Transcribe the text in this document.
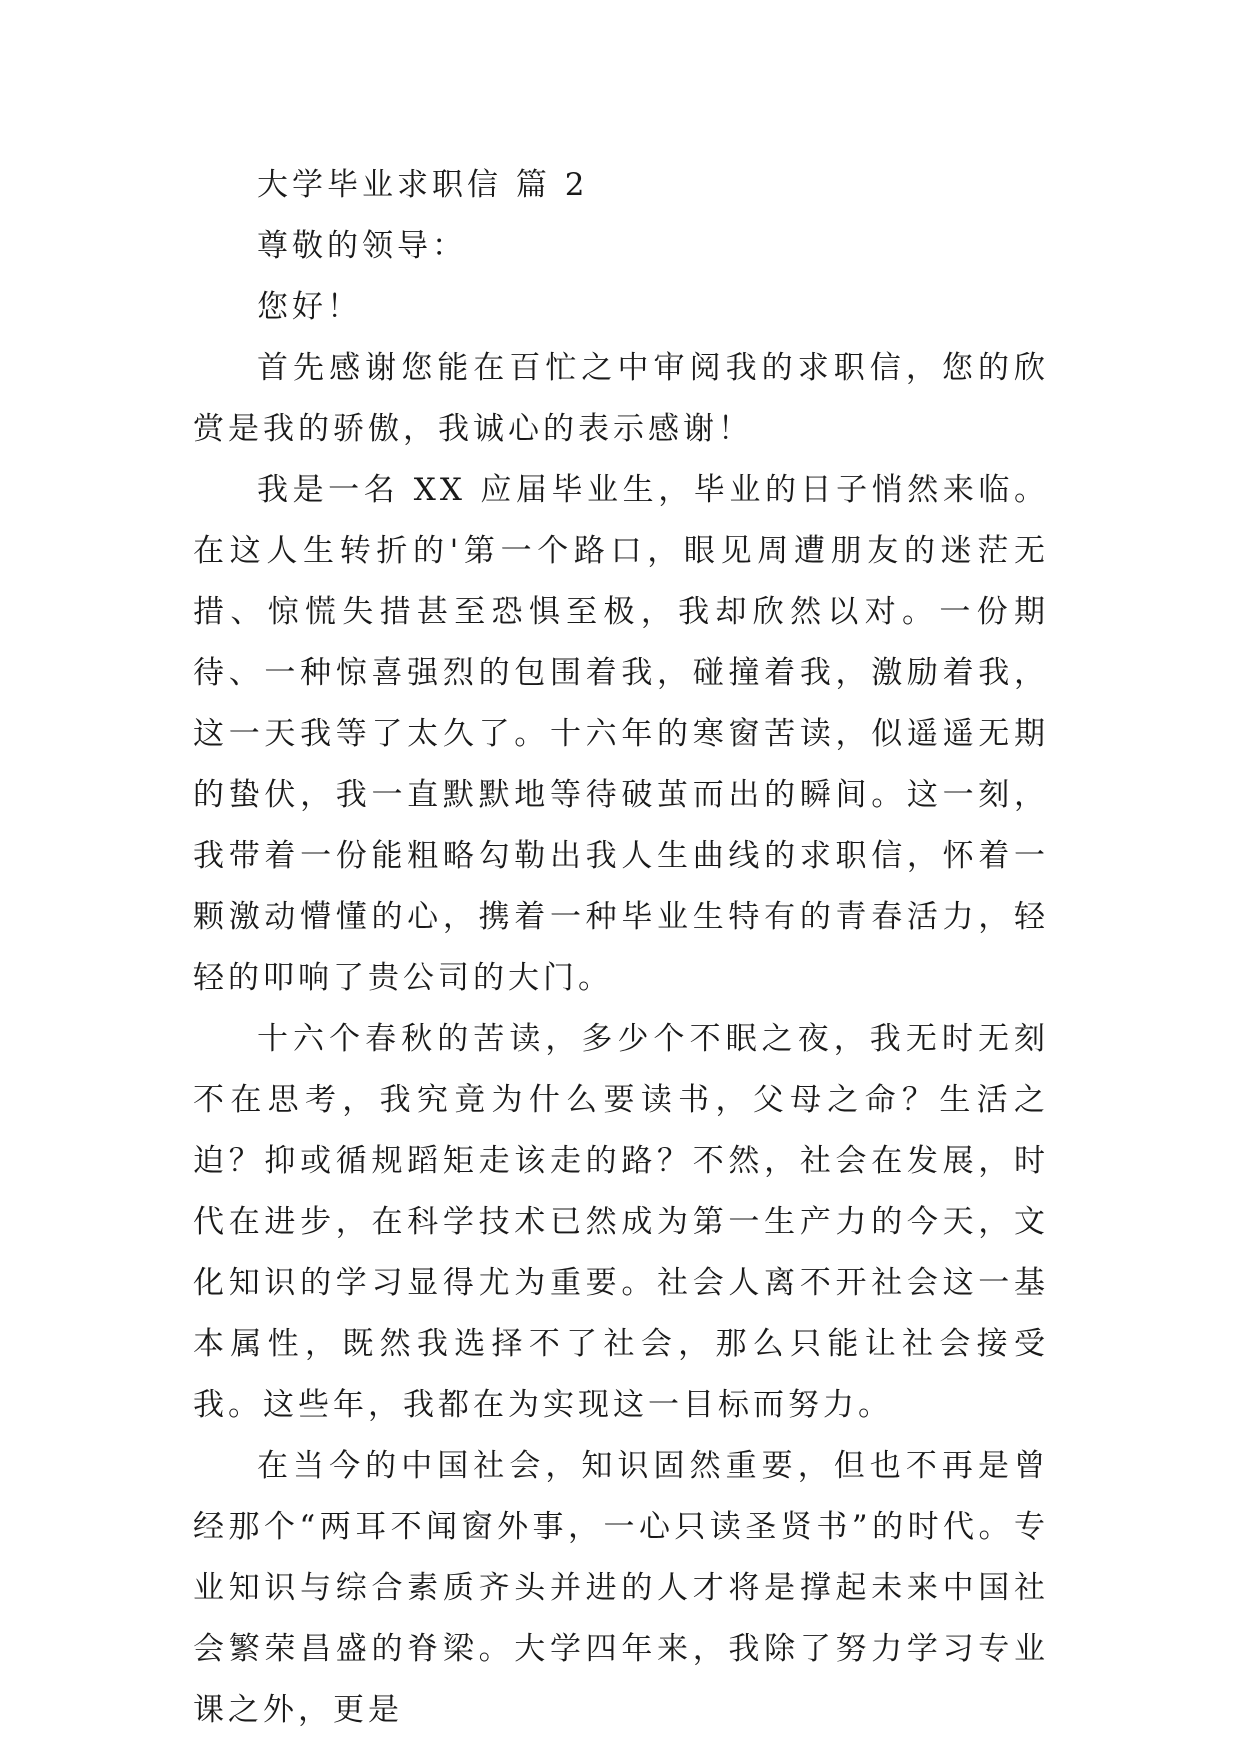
大学毕业求职信 篇 2

尊敬的领导：

您好！

首先感谢您能在百忙之中审阅我的求职信，您的欣赏是我的骄傲，我诚心的表示感谢！

我是一名 XX 应届毕业生，毕业的日子悄然来临。在这人生转折的'第一个路口，眼见周遭朋友的迷茫无措、惊慌失措甚至恐惧至极，我却欣然以对。一份期待、一种惊喜强烈的包围着我，碰撞着我，激励着我，这一天我等了太久了。十六年的寒窗苦读，似遥遥无期的蛰伏，我一直默默地等待破茧而出的瞬间。这一刻，我带着一份能粗略勾勒出我人生曲线的求职信，怀着一颗激动懵懂的心，携着一种毕业生特有的青春活力，轻轻的叩响了贵公司的大门。

十六个春秋的苦读，多少个不眠之夜，我无时无刻不在思考，我究竟为什么要读书，父母之命？生活之迫？抑或循规蹈矩走该走的路？不然，社会在发展，时代在进步，在科学技术已然成为第一生产力的今天，文化知识的学习显得尤为重要。社会人离不开社会这一基本属性，既然我选择不了社会，那么只能让社会接受我。这些年，我都在为实现这一目标而努力。

在当今的中国社会，知识固然重要，但也不再是曾经那个“两耳不闻窗外事，一心只读圣贤书”的时代。专业知识与综合素质齐头并进的人才将是撑起未来中国社会繁荣昌盛的脊梁。大学四年来，我除了努力学习专业课之外，更是
